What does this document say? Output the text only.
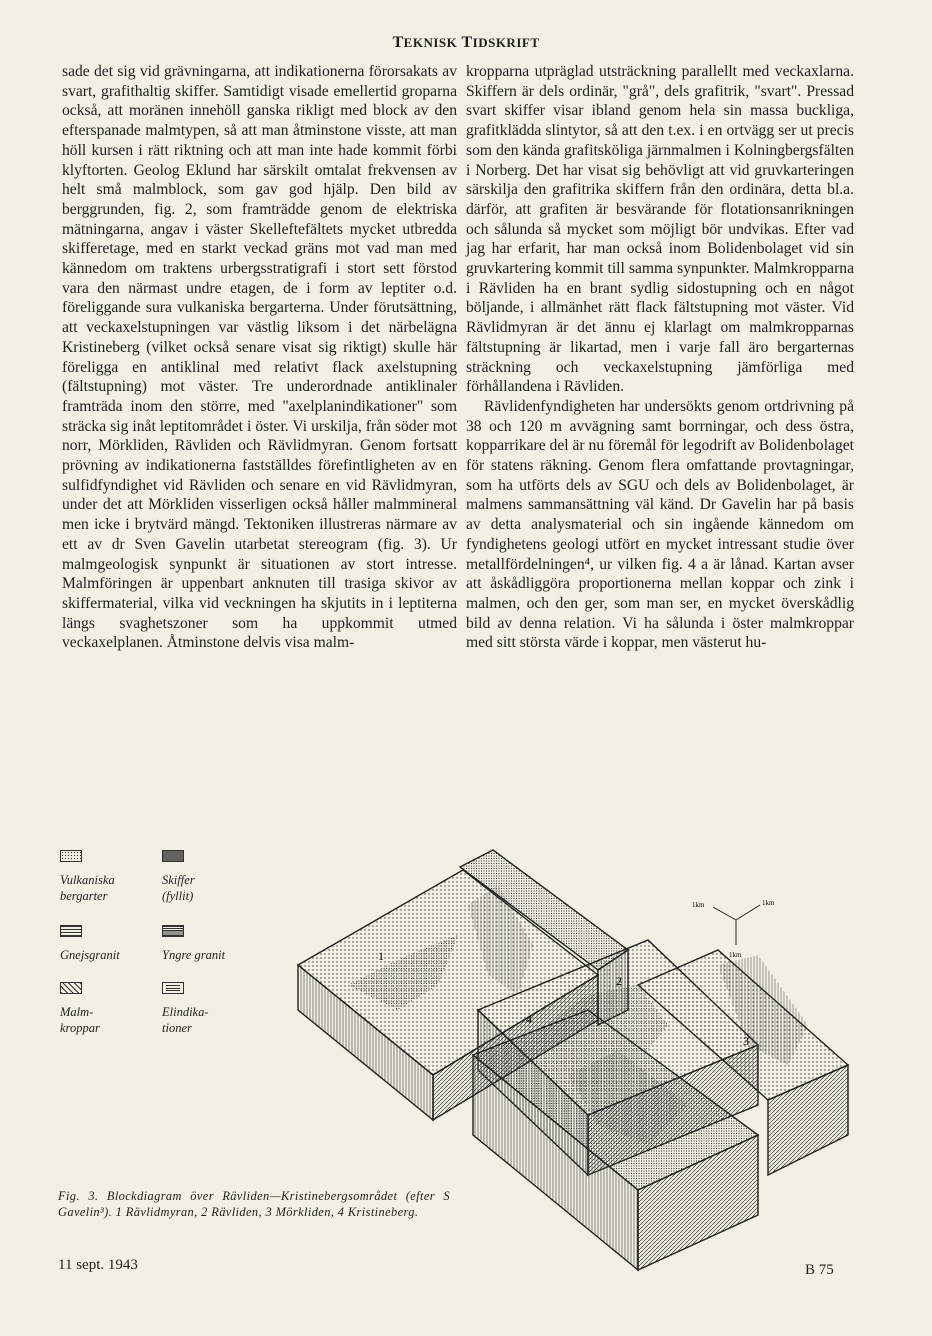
TEKNISK TIDSKRIFT

sade det sig vid grävningarna, att indikationerna förorsakats av svart, grafithaltig skiffer. Samtidigt visade emellertid groparna också, att moränen innehöll ganska rikligt med block av den efterspanade malmtypen, så att man åtminstone visste, att man höll kursen i rätt riktning och att man inte hade kommit förbi klyftorten. Geolog Eklund har särskilt omtalat frekvensen av helt små malmblock, som gav god hjälp. Den bild av berggrunden, fig. 2, som framträdde genom de elektriska mätningarna, angav i väster Skelleftefältets mycket utbredda skifferetage, med en starkt veckad gräns mot vad man med kännedom om traktens urbergsstratigrafi i stort sett förstod vara den närmast undre etagen, de i form av leptiter o.d. föreliggande sura vulkaniska bergarterna. Under förutsättning, att veckaxelstupningen var västlig liksom i det närbelägna Kristineberg (vilket också senare visat sig riktigt) skulle här föreligga en antiklinal med relativt flack axelstupning (fältstupning) mot väster. Tre underordnade antiklinaler framträda inom den större, med "axelplanindikationer" som sträcka sig inåt leptitområdet i öster. Vi urskilja, från söder mot norr, Mörkliden, Rävliden och Rävlidmyran. Genom fortsatt prövning av indikationerna fastställdes förefintligheten av en sulfidfyndighet vid Rävliden och senare en vid Rävlidmyran, under det att Mörkliden visserligen också håller malmmineral men icke i brytvärd mängd. Tektoniken illustreras närmare av ett av dr Sven Gavelin utarbetat stereogram (fig. 3). Ur malmgeologisk synpunkt är situationen av stort intresse. Malmföringen är uppenbart anknuten till trasiga skivor av skiffermaterial, vilka vid veckningen ha skjutits in i leptiterna längs svaghetszoner som ha uppkommit utmed veckaxelplanen. Åtminstone delvis visa malm-

kropparna utpräglad utsträckning parallellt med veckaxlarna. Skiffern är dels ordinär, "grå", dels grafitrik, "svart". Pressad svart skiffer visar ibland genom hela sin massa buckliga, grafitklädda slintytor, så att den t.ex. i en ortvägg ser ut precis som den kända grafitsköliga järnmalmen i Kolningbergsfälten i Norberg. Det har visat sig behövligt att vid gruvkarteringen särskilja den grafitrika skiffern från den ordinära, detta bl.a. därför, att grafiten är besvärande för flotationsanrikningen och sålunda så mycket som möjligt bör undvikas. Efter vad jag har erfarit, har man också inom Bolidenbolaget vid sin gruvkartering kommit till samma synpunkter. Malmkropparna i Rävliden ha en brant sydlig sidostupning och en något böljande, i allmänhet rätt flack fältstupning mot väster. Vid Rävlidmyran är det ännu ej klarlagt om malmkropparnas fältstupning är likartad, men i varje fall äro bergarternas sträckning och veckaxelstupning jämförliga med förhållandena i Rävliden.

Rävlidenfyndigheten har undersökts genom ortdrivning på 38 och 120 m avvägning samt borrningar, och dess östra, kopparrikare del är nu föremål för legodrift av Bolidenbolaget för statens räkning. Genom flera omfattande provtagningar, som ha utförts dels av SGU och dels av Bolidenbolaget, är malmens sammansättning väl känd. Dr Gavelin har på basis av detta analysmaterial och sin ingående kännedom om fyndighetens geologi utfört en mycket intressant studie över metallfördelningen⁴, ur vilken fig. 4 a är lånad. Kartan avser att åskådliggöra proportionerna mellan koppar och zink i malmen, och den ger, som man ser, en mycket överskådlig bild av denna relation. Vi ha sålunda i öster malmkroppar med sitt största värde i koppar, men västerut hu-

Vulkaniska
bergarter
Skiffer
(fyllit)
Gnejsgranit	Yngre granit
Malm-
kroppar
Elindika-
tioner
1
2
3
4
1km	1km
1km
Fig. 3. Blockdiagram över Rävliden—Kristinebergsområdet (efter S Gavelin³). 1 Rävlidmyran, 2 Rävliden, 3 Mörkliden, 4 Kristineberg.
11 sept. 1943	B 75
